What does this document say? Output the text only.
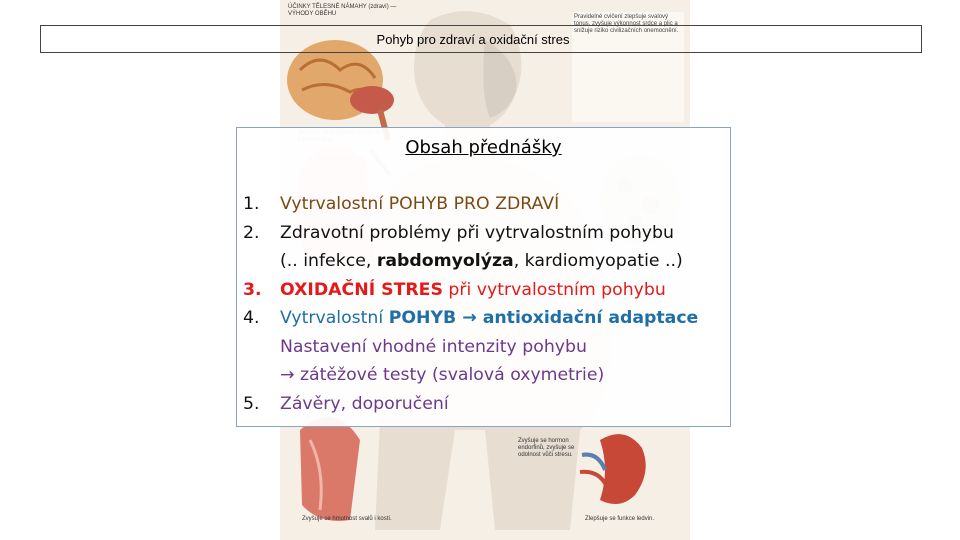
ÚČINKY TĚLESNÉ NÁMAHY (zdraví) — VÝHODY OBĚHU	Pravidelné cvičení zlepšuje svalový tonus, zvyšuje výkonnost srdce a plic a snižuje riziko civilizačních onemocnění.
Zvyšuje se hormon endorfinů, zvyšuje se odolnost vůči stresu.
Zvyšuje se hmotnost svalů i kostí.	Zlepšuje se funkce ledvin.
Pohyb pro zdraví a oxidační stres
Obsah přednášky
1. Vytrvalostní POHYB PRO ZDRAVÍ
2. Zdravotní problémy při vytrvalostním pohybu
(.. infekce, rabdomyolýza, kardiomyopatie ..)
3. OXIDAČNÍ STRES při vytrvalostním pohybu
4. Vytrvalostní POHYB → antioxidační adaptace
Nastavení vhodné intenzity pohybu
→ zátěžové testy (svalová oxymetrie)
5. Závěry, doporučení
